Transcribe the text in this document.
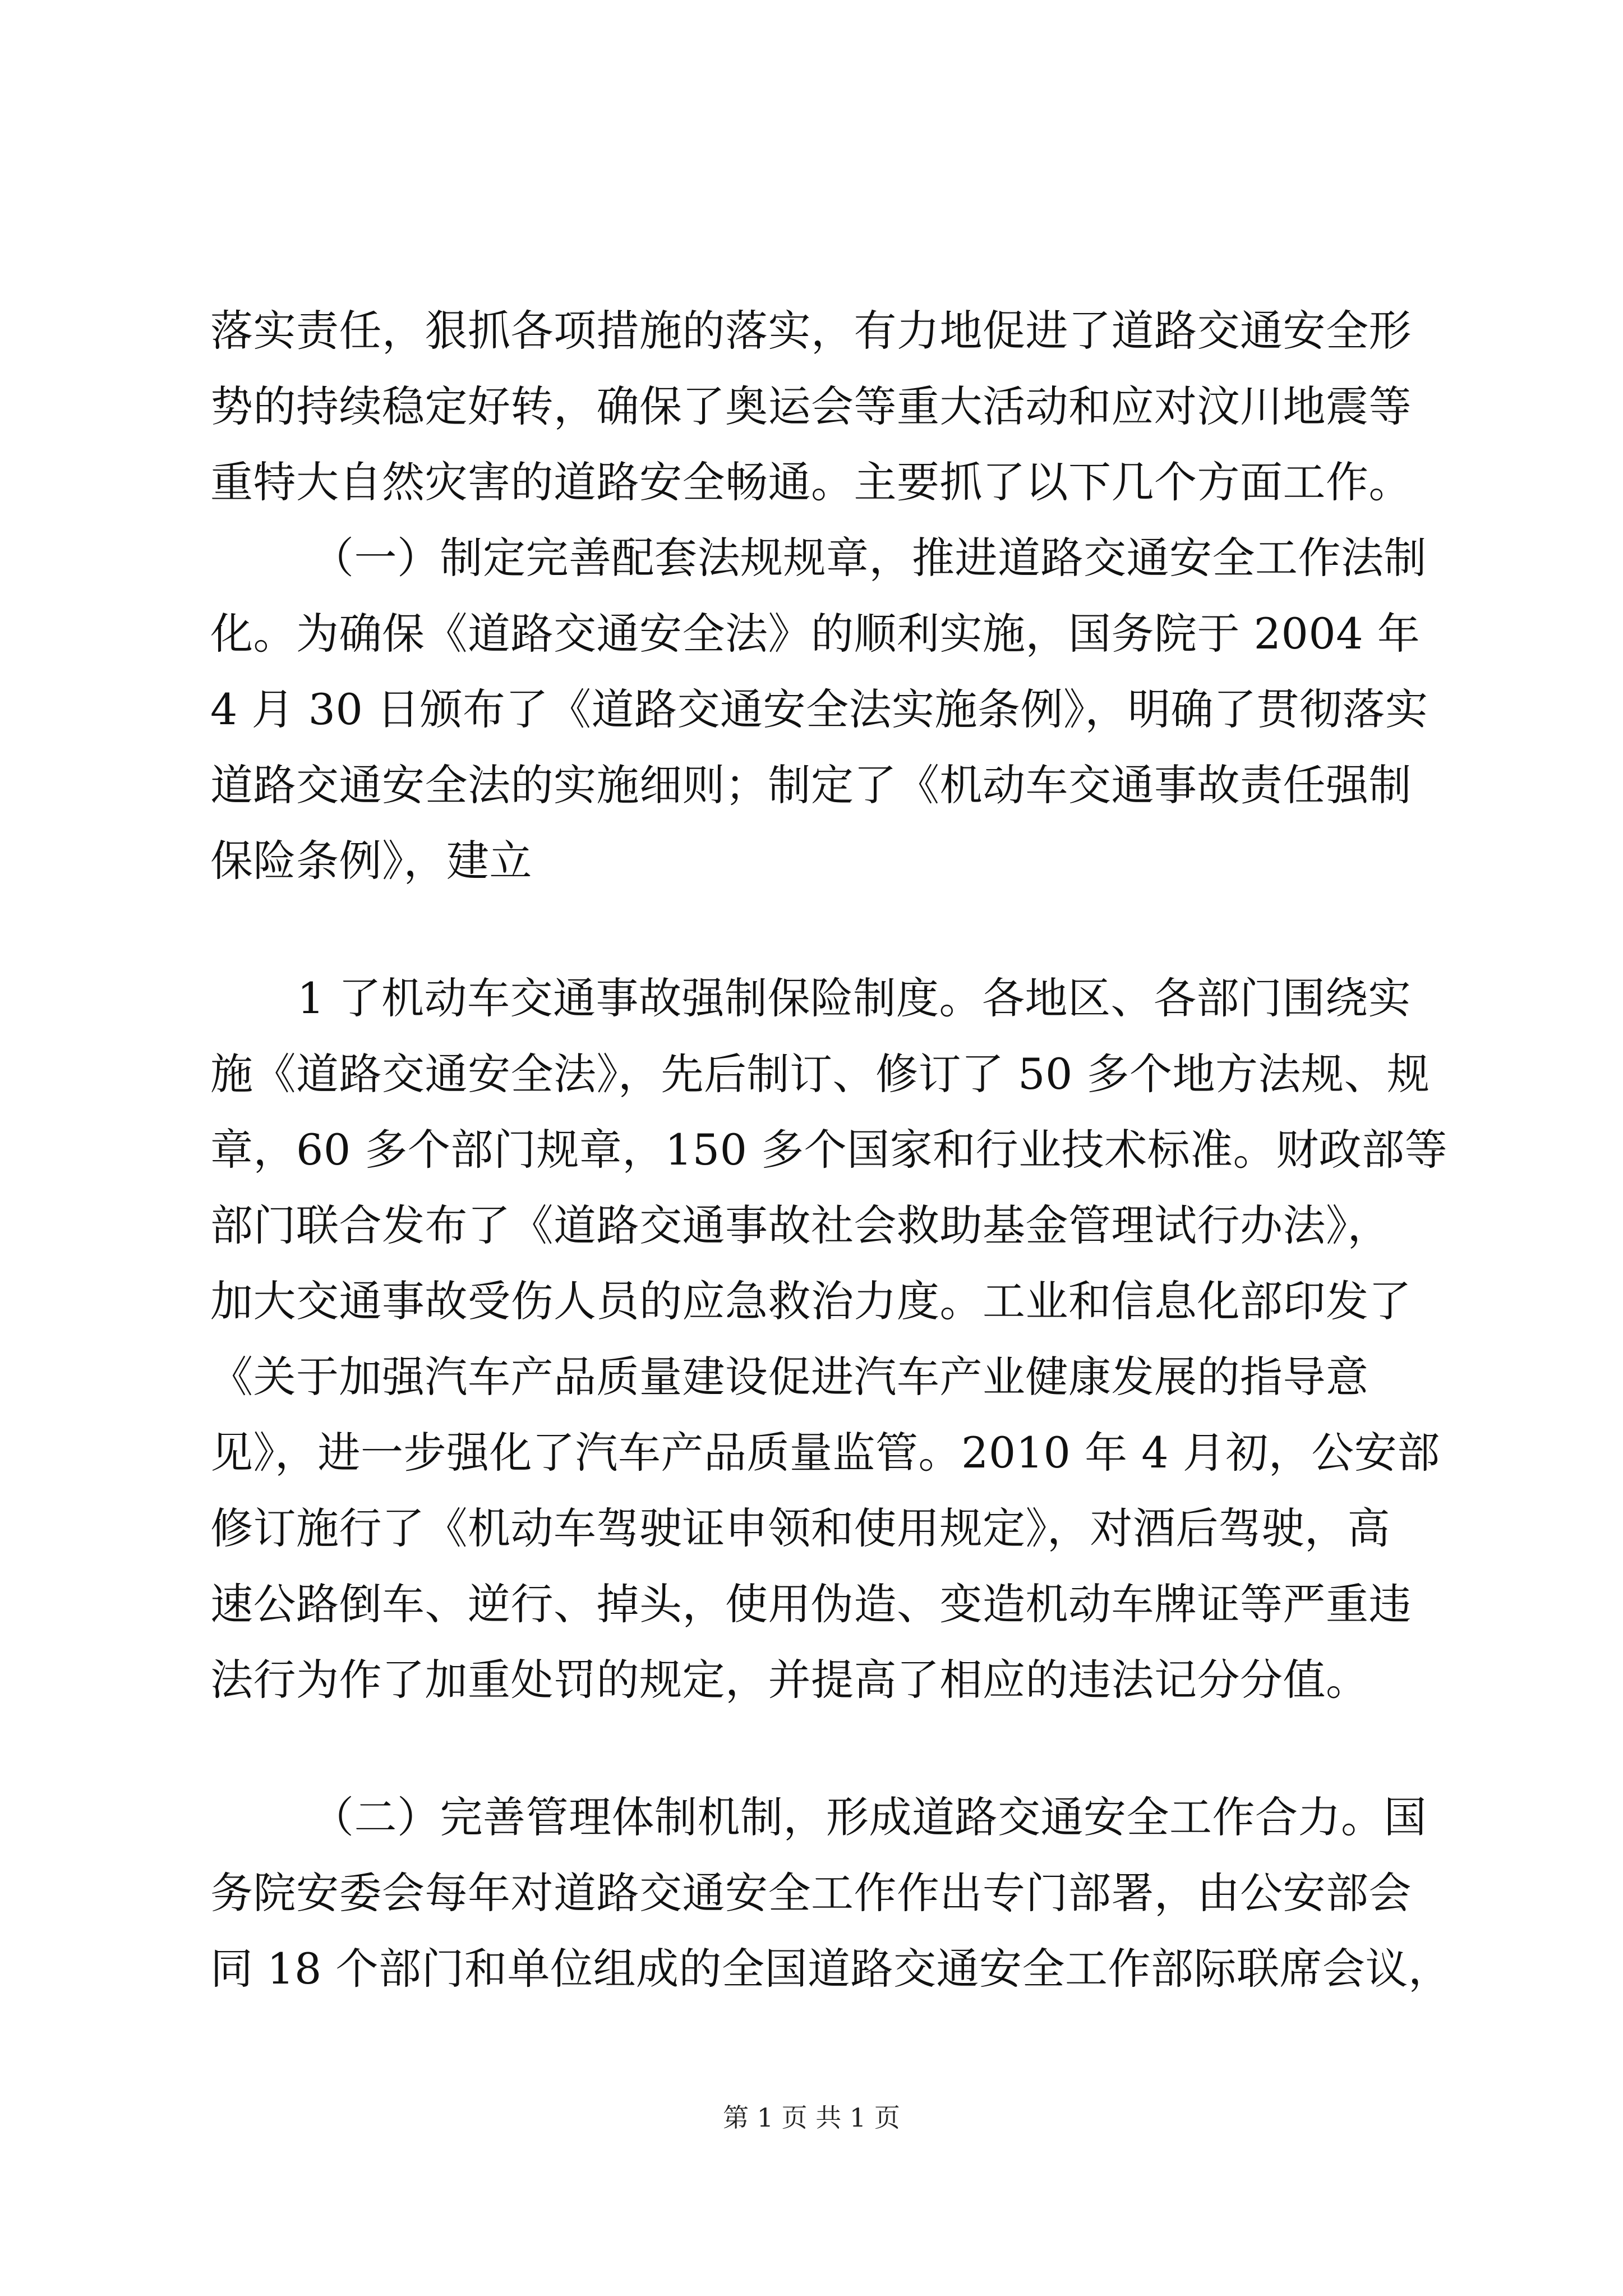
落实责任，狠抓各项措施的落实，有力地促进了道路交通安全形
势的持续稳定好转，确保了奥运会等重大活动和应对汶川地震等
重特大自然灾害的道路安全畅通。主要抓了以下几个方面工作。
（一）制定完善配套法规规章，推进道路交通安全工作法制
化。为确保《道路交通安全法》的顺利实施，国务院于 2004 年
4 月 30 日颁布了《道路交通安全法实施条例》，明确了贯彻落实
道路交通安全法的实施细则；制定了《机动车交通事故责任强制
保险条例》，建立
1 了机动车交通事故强制保险制度。各地区、各部门围绕实
施《道路交通安全法》，先后制订、修订了 50 多个地方法规、规
章，60 多个部门规章，150 多个国家和行业技术标准。财政部等
部门联合发布了《道路交通事故社会救助基金管理试行办法》，
加大交通事故受伤人员的应急救治力度。工业和信息化部印发了
《关于加强汽车产品质量建设促进汽车产业健康发展的指导意
见》，进一步强化了汽车产品质量监管。2010 年 4 月初，公安部
修订施行了《机动车驾驶证申领和使用规定》，对酒后驾驶，高
速公路倒车、逆行、掉头，使用伪造、变造机动车牌证等严重违
法行为作了加重处罚的规定，并提高了相应的违法记分分值。
（二）完善管理体制机制，形成道路交通安全工作合力。国
务院安委会每年对道路交通安全工作作出专门部署，由公安部会
同 18 个部门和单位组成的全国道路交通安全工作部际联席会议，
第 1 页 共 1 页
